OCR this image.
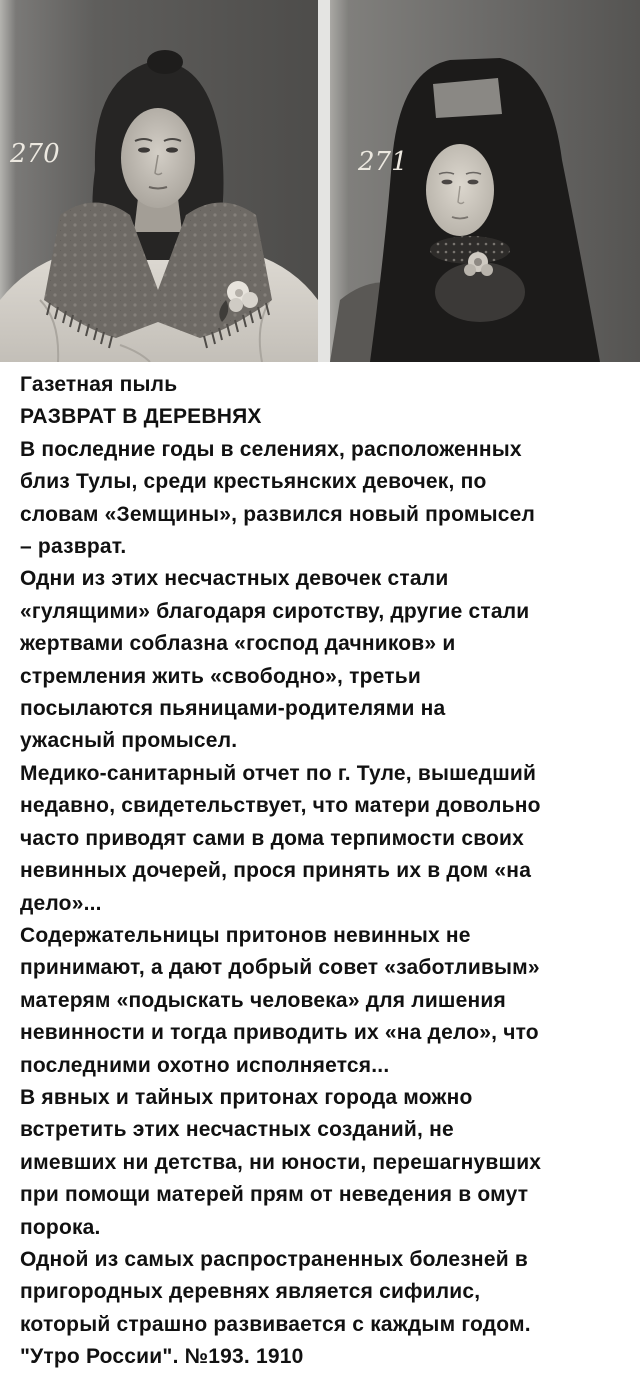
270	271
Газетная пыль
РАЗВРАТ В ДЕРЕВНЯХ
В последние годы в селениях, расположенных
близ Тулы, среди крестьянских девочек, по
словам «Земщины», развился новый промысел
– разврат.
Одни из этих несчастных девочек стали
«гулящими» благодаря сиротству, другие стали
жертвами соблазна «господ дачников» и
стремления жить «свободно», третьи
посылаются пьяницами-родителями на
ужасный промысел.
Медико-санитарный отчет по г. Туле, вышедший
недавно, свидетельствует, что матери довольно
часто приводят сами в дома терпимости своих
невинных дочерей, прося принять их в дом «на
дело»...
Содержательницы притонов невинных не
принимают, а дают добрый совет «заботливым»
матерям «подыскать человека» для лишения
невинности и тогда приводить их «на дело», что
последними охотно исполняется...
В явных и тайных притонах города можно
встретить этих несчастных созданий, не
имевших ни детства, ни юности, перешагнувших
при помощи матерей прям от неведения в омут
порока.
Одной из самых распространенных болезней в
пригородных деревнях является сифилис,
который страшно развивается с каждым годом.
"Утро России". №193. 1910
